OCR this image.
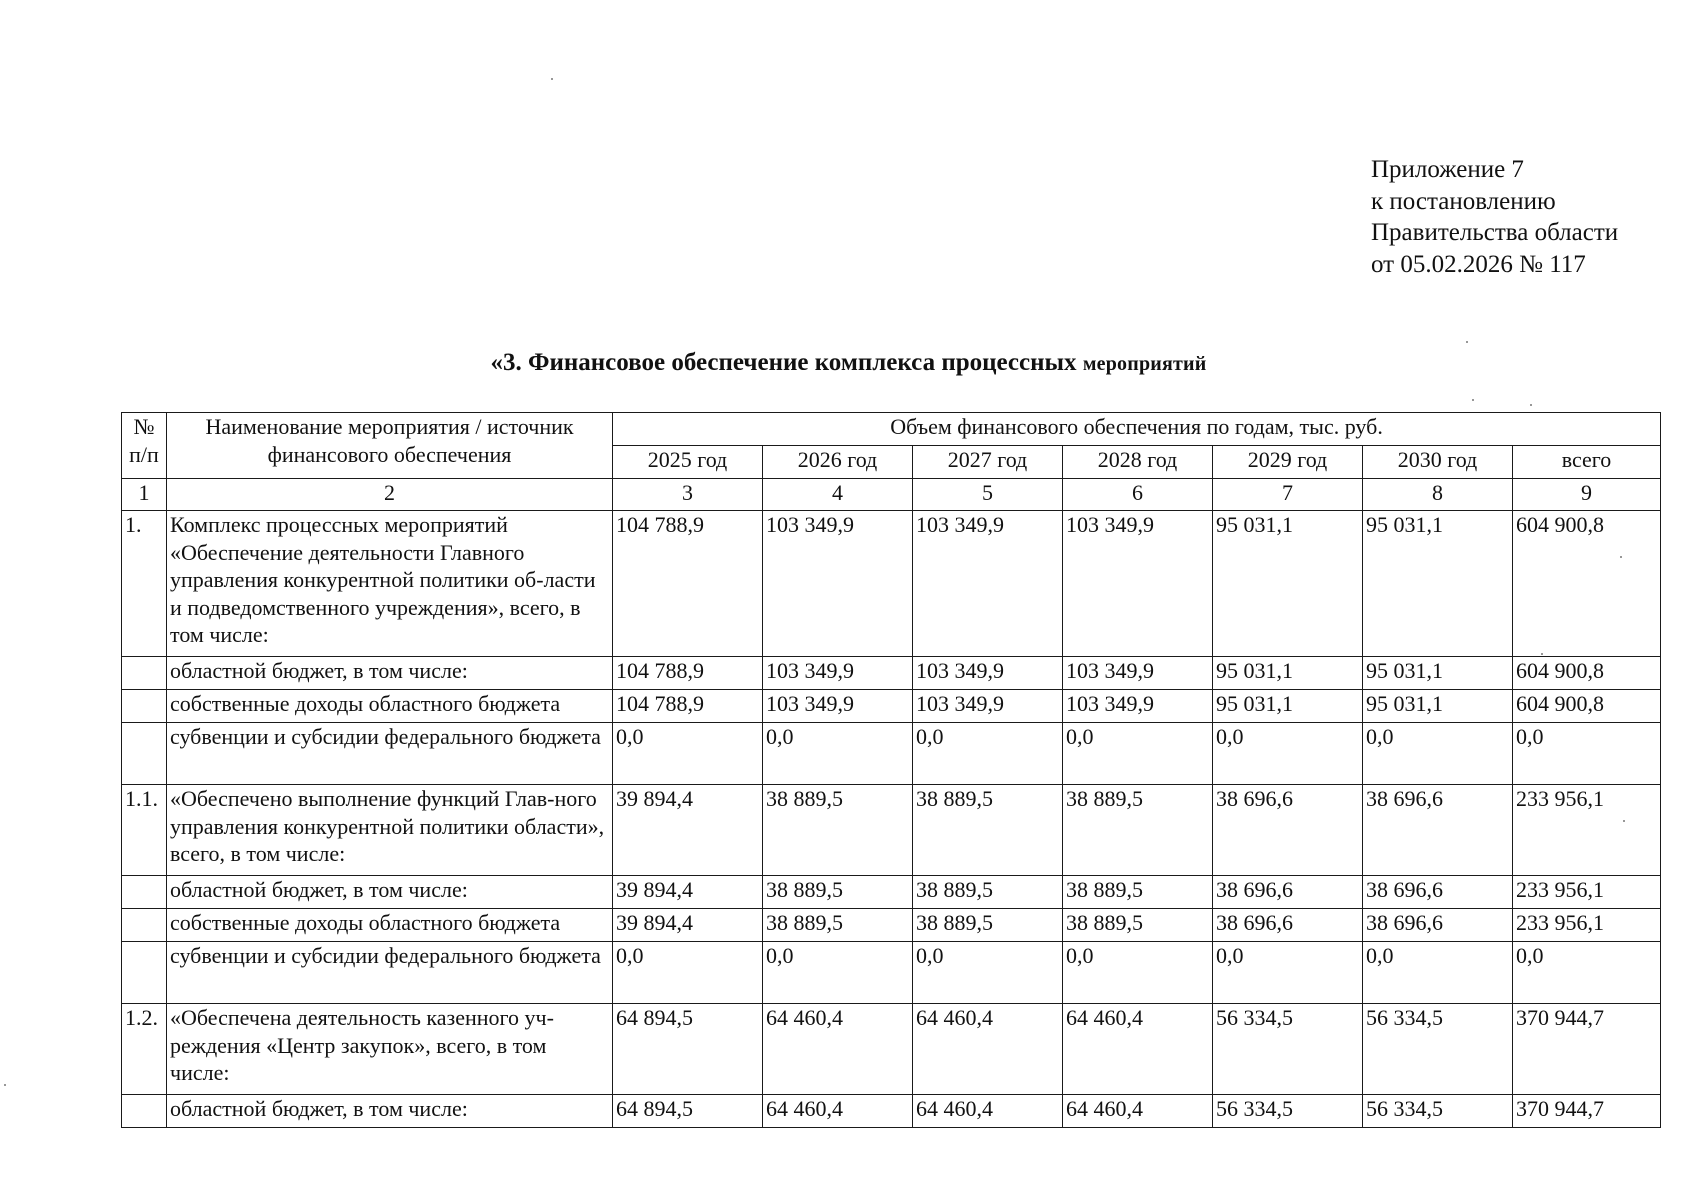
Приложение 7
к постановлению
Правительства области
от 05.02.2026 № 117
«3. Финансовое обеспечение комплекса процессных мероприятий
№ п/п	Наименование мероприятия / источник финансового обеспечения	Объем финансового обеспечения по годам, тыс. руб.						
		2025 год	2026 год	2027 год	2028 год	2029 год	2030 год	всего
1	2	3	4	5	6	7	8	9
1.	Комплекс процессных мероприятий «Обеспечение деятельности Главного управления конкурентной политики об-ласти и подведомственного учреждения», всего, в том числе:	104 788,9	103 349,9	103 349,9	103 349,9	95 031,1	95 031,1	604 900,8
	областной бюджет, в том числе:	104 788,9	103 349,9	103 349,9	103 349,9	95 031,1	95 031,1	604 900,8
	собственные доходы областного бюджета	104 788,9	103 349,9	103 349,9	103 349,9	95 031,1	95 031,1	604 900,8
	субвенции и субсидии федерального бюджета	0,0	0,0	0,0	0,0	0,0	0,0	0,0
1.1.	«Обеспечено выполнение функций Глав-ного управления конкурентной политики области», всего, в том числе:	39 894,4	38 889,5	38 889,5	38 889,5	38 696,6	38 696,6	233 956,1
	областной бюджет, в том числе:	39 894,4	38 889,5	38 889,5	38 889,5	38 696,6	38 696,6	233 956,1
	собственные доходы областного бюджета	39 894,4	38 889,5	38 889,5	38 889,5	38 696,6	38 696,6	233 956,1
	субвенции и субсидии федерального бюджета	0,0	0,0	0,0	0,0	0,0	0,0	0,0
1.2.	«Обеспечена деятельность казенного уч-реждения «Центр закупок», всего, в том числе:	64 894,5	64 460,4	64 460,4	64 460,4	56 334,5	56 334,5	370 944,7
	областной бюджет, в том числе:	64 894,5	64 460,4	64 460,4	64 460,4	56 334,5	56 334,5	370 944,7
